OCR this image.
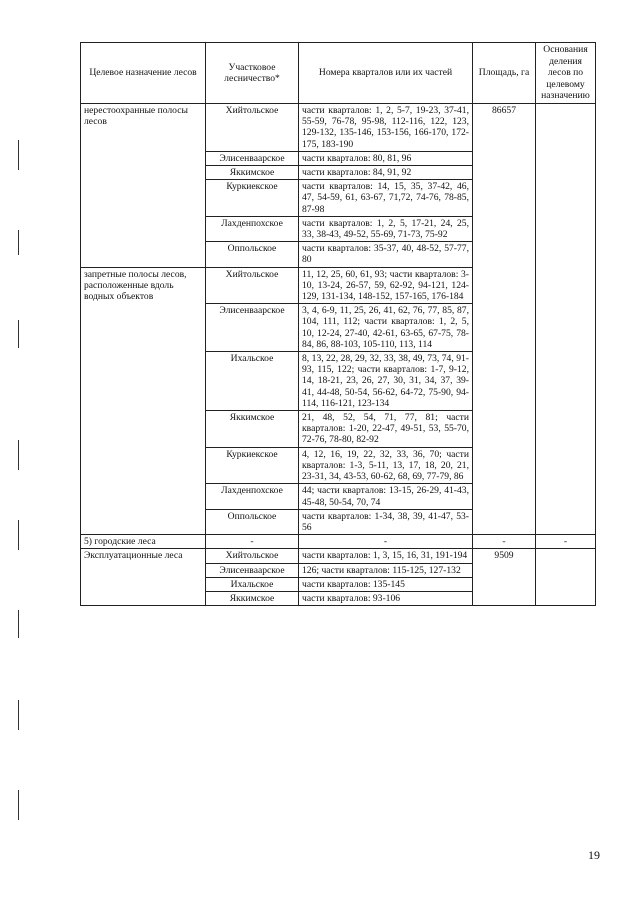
Целевое назначение лесов	Участковое лесничество*	Номера кварталов или их частей	Площадь, га	Основания деления лесов по целевому назначению
нерестоохранные полосы лесов	Хийтольское	части кварталов: 1, 2, 5-7, 19-23, 37-41, 55-59, 76-78, 95-98, 112-116, 122, 123, 129-132, 135-146, 153-156, 166-170, 172-175, 183-190	86657	
	Элисенваарское	части кварталов: 80, 81, 96		
	Яккимское	части кварталов: 84, 91, 92		
	Куркиекское	части кварталов: 14, 15, 35, 37-42, 46, 47, 54-59, 61, 63-67, 71,72, 74-76, 78-85, 87-98		
	Лахденпохское	части кварталов: 1, 2, 5, 17-21, 24, 25, 33, 38-43, 49-52, 55-69, 71-73, 75-92		
	Оппольское	части кварталов: 35-37, 40, 48-52, 57-77, 80		
запретные полосы лесов, расположенные вдоль водных объектов	Хийтольское	11, 12, 25, 60, 61, 93; части кварталов: 3-10, 13-24, 26-57, 59, 62-92, 94-121, 124-129, 131-134, 148-152, 157-165, 176-184		
	Элисенваарское	3, 4, 6-9, 11, 25, 26, 41, 62, 76, 77, 85, 87, 104, 111, 112; части кварталов: 1, 2, 5, 10, 12-24, 27-40, 42-61, 63-65, 67-75, 78-84, 86, 88-103, 105-110, 113, 114		
	Ихальское	8, 13, 22, 28, 29, 32, 33, 38, 49, 73, 74, 91-93, 115, 122; части кварталов: 1-7, 9-12, 14, 18-21, 23, 26, 27, 30, 31, 34, 37, 39-41, 44-48, 50-54, 56-62, 64-72, 75-90, 94-114, 116-121, 123-134		
	Яккимское	21, 48, 52, 54, 71, 77, 81; части кварталов: 1-20, 22-47, 49-51, 53, 55-70, 72-76, 78-80, 82-92		
	Куркиекское	4, 12, 16, 19, 22, 32, 33, 36, 70; части кварталов: 1-3, 5-11, 13, 17, 18, 20, 21, 23-31, 34, 43-53, 60-62, 68, 69, 77-79, 86		
	Лахденпохское	44; части кварталов: 13-15, 26-29, 41-43, 45-48, 50-54, 70, 74		
	Оппольское	части кварталов: 1-34, 38, 39, 41-47, 53-56		
5) городские леса	-	-	-	-
Эксплуатационные леса	Хийтольское	части кварталов: 1, 3, 15, 16, 31, 191-194	9509	
	Элисенваарское	126; части кварталов: 115-125, 127-132		
	Ихальское	части кварталов: 135-145		
	Яккимское	части кварталов: 93-106		
19
